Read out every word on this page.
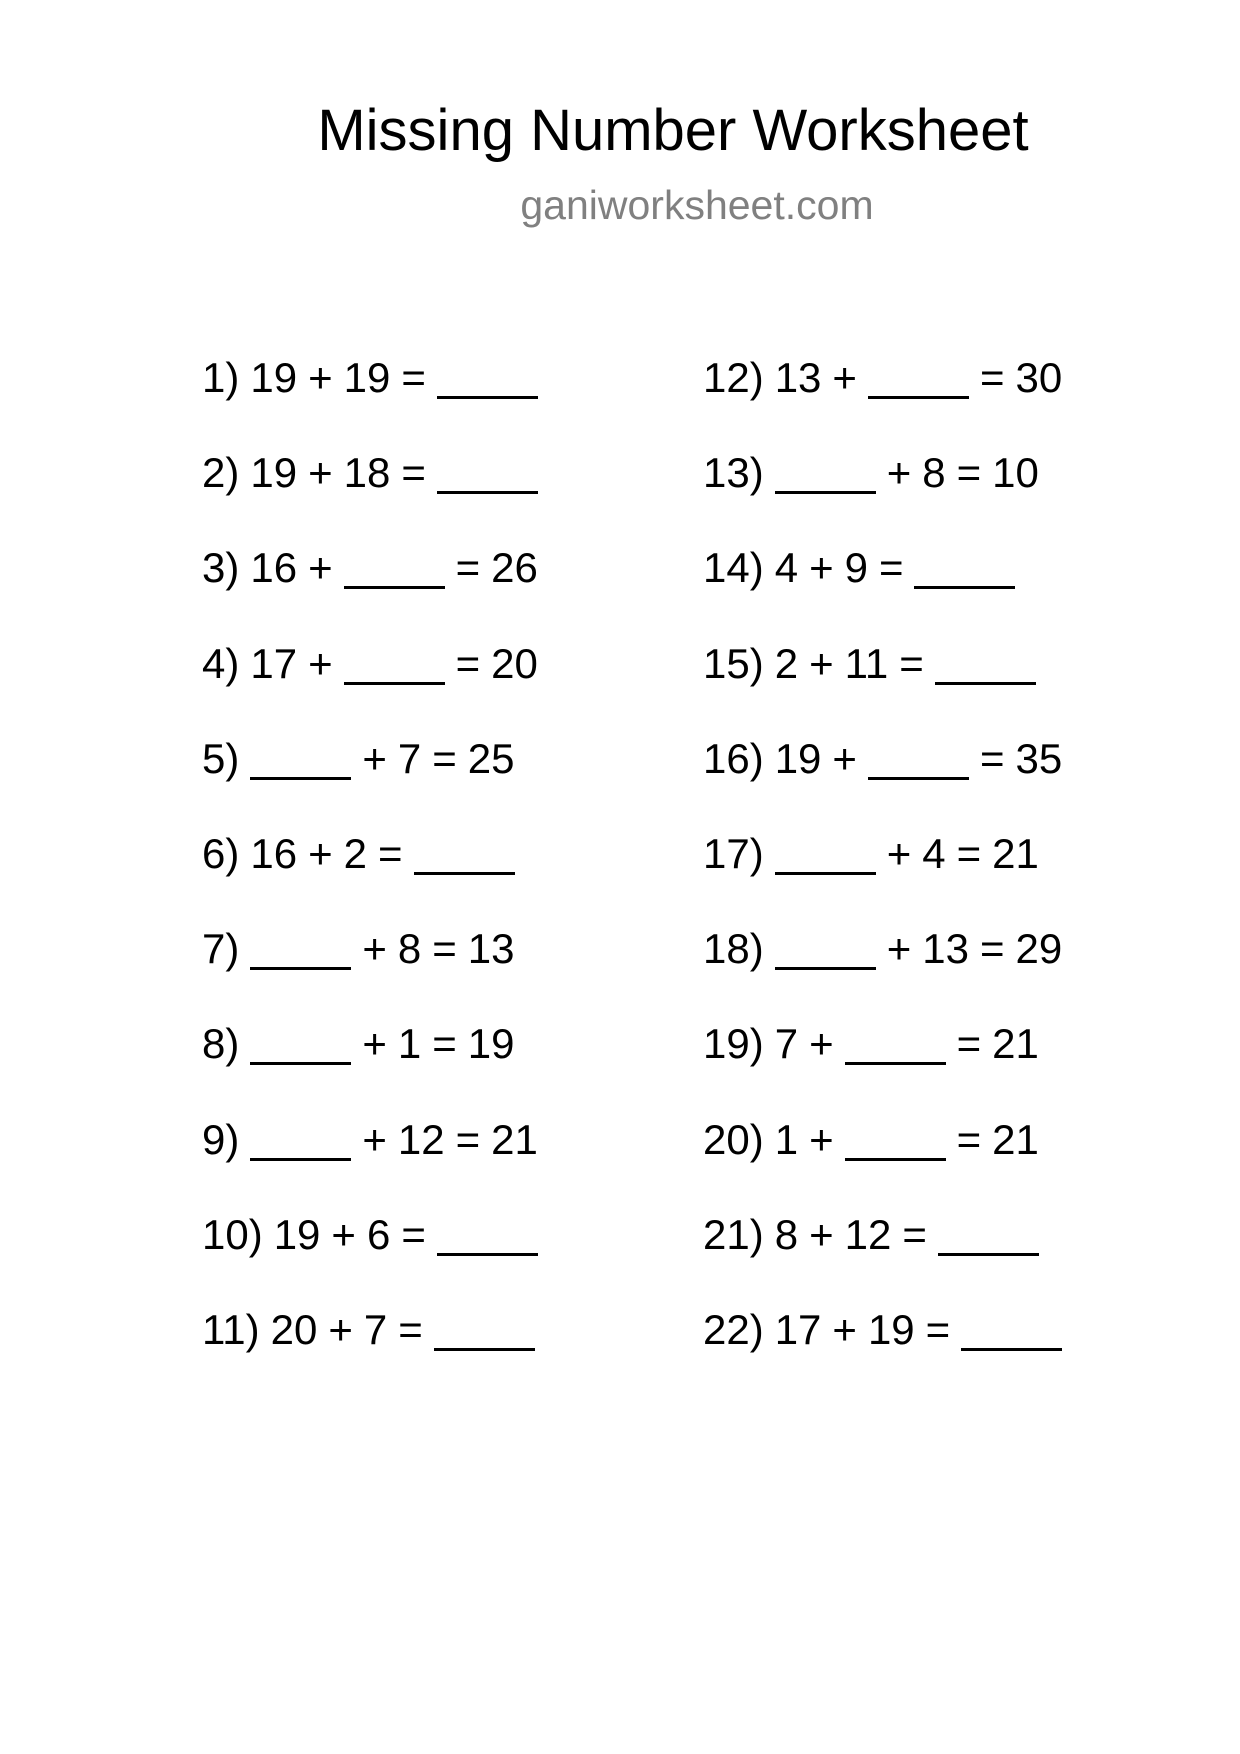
Missing Number Worksheet
ganiworksheet.com
1) 19 + 19 =
2) 19 + 18 =
3) 16 +	= 26
4) 17 +	= 20
5)	+ 7 = 25
6) 16 + 2 =
7)	+ 8 = 13
8)	+ 1 = 19
9)	+ 12 = 21
10) 19 + 6 =
11) 20 + 7 =
12) 13 +	= 30
13)	+ 8 = 10
14) 4 + 9 =
15) 2 + 11 =
16) 19 +	= 35
17)	+ 4 = 21
18)	+ 13 = 29
19) 7 +	= 21
20) 1 +	= 21
21) 8 + 12 =
22) 17 + 19 =
